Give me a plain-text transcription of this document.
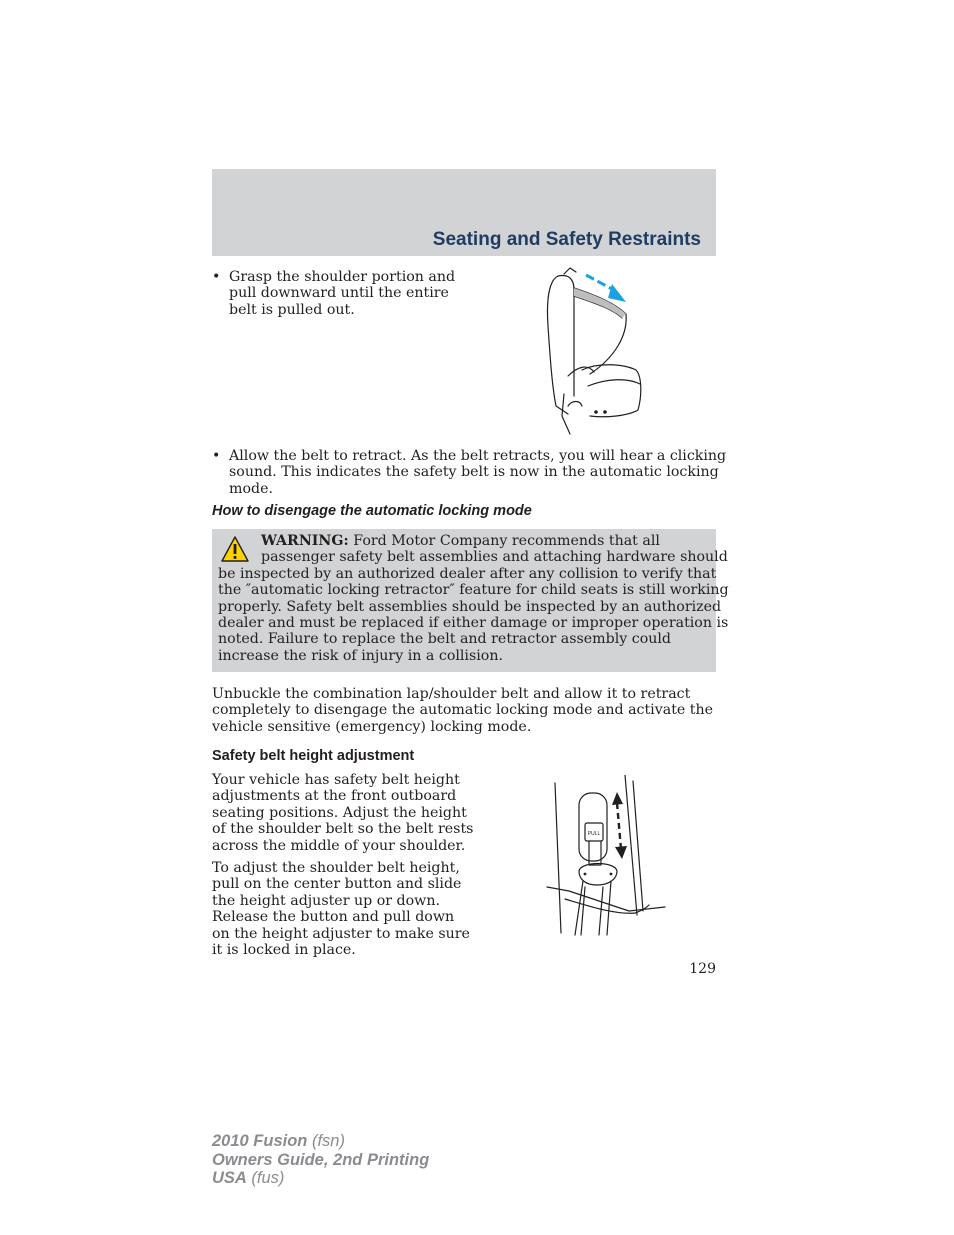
Seating and Safety Restraints
• Grasp the shoulder portion and
pull downward until the entire
belt is pulled out.
• Allow the belt to retract. As the belt retracts, you will hear a clicking
sound. This indicates the safety belt is now in the automatic locking
mode.
How to disengage the automatic locking mode
WARNING: Ford Motor Company recommends that all
passenger safety belt assemblies and attaching hardware should
be inspected by an authorized dealer after any collision to verify that
the ″automatic locking retractor″ feature for child seats is still working
properly. Safety belt assemblies should be inspected by an authorized
dealer and must be replaced if either damage or improper operation is
noted. Failure to replace the belt and retractor assembly could
increase the risk of injury in a collision.
Unbuckle the combination lap/shoulder belt and allow it to retract
completely to disengage the automatic locking mode and activate the
vehicle sensitive (emergency) locking mode.
Safety belt height adjustment
Your vehicle has safety belt height
adjustments at the front outboard
seating positions. Adjust the height
of the shoulder belt so the belt rests
across the middle of your shoulder.
To adjust the shoulder belt height,
pull on the center button and slide
the height adjuster up or down.
Release the button and pull down
on the height adjuster to make sure
it is locked in place.
PULL
129
2010 Fusion (fsn)
Owners Guide, 2nd Printing
USA (fus)
